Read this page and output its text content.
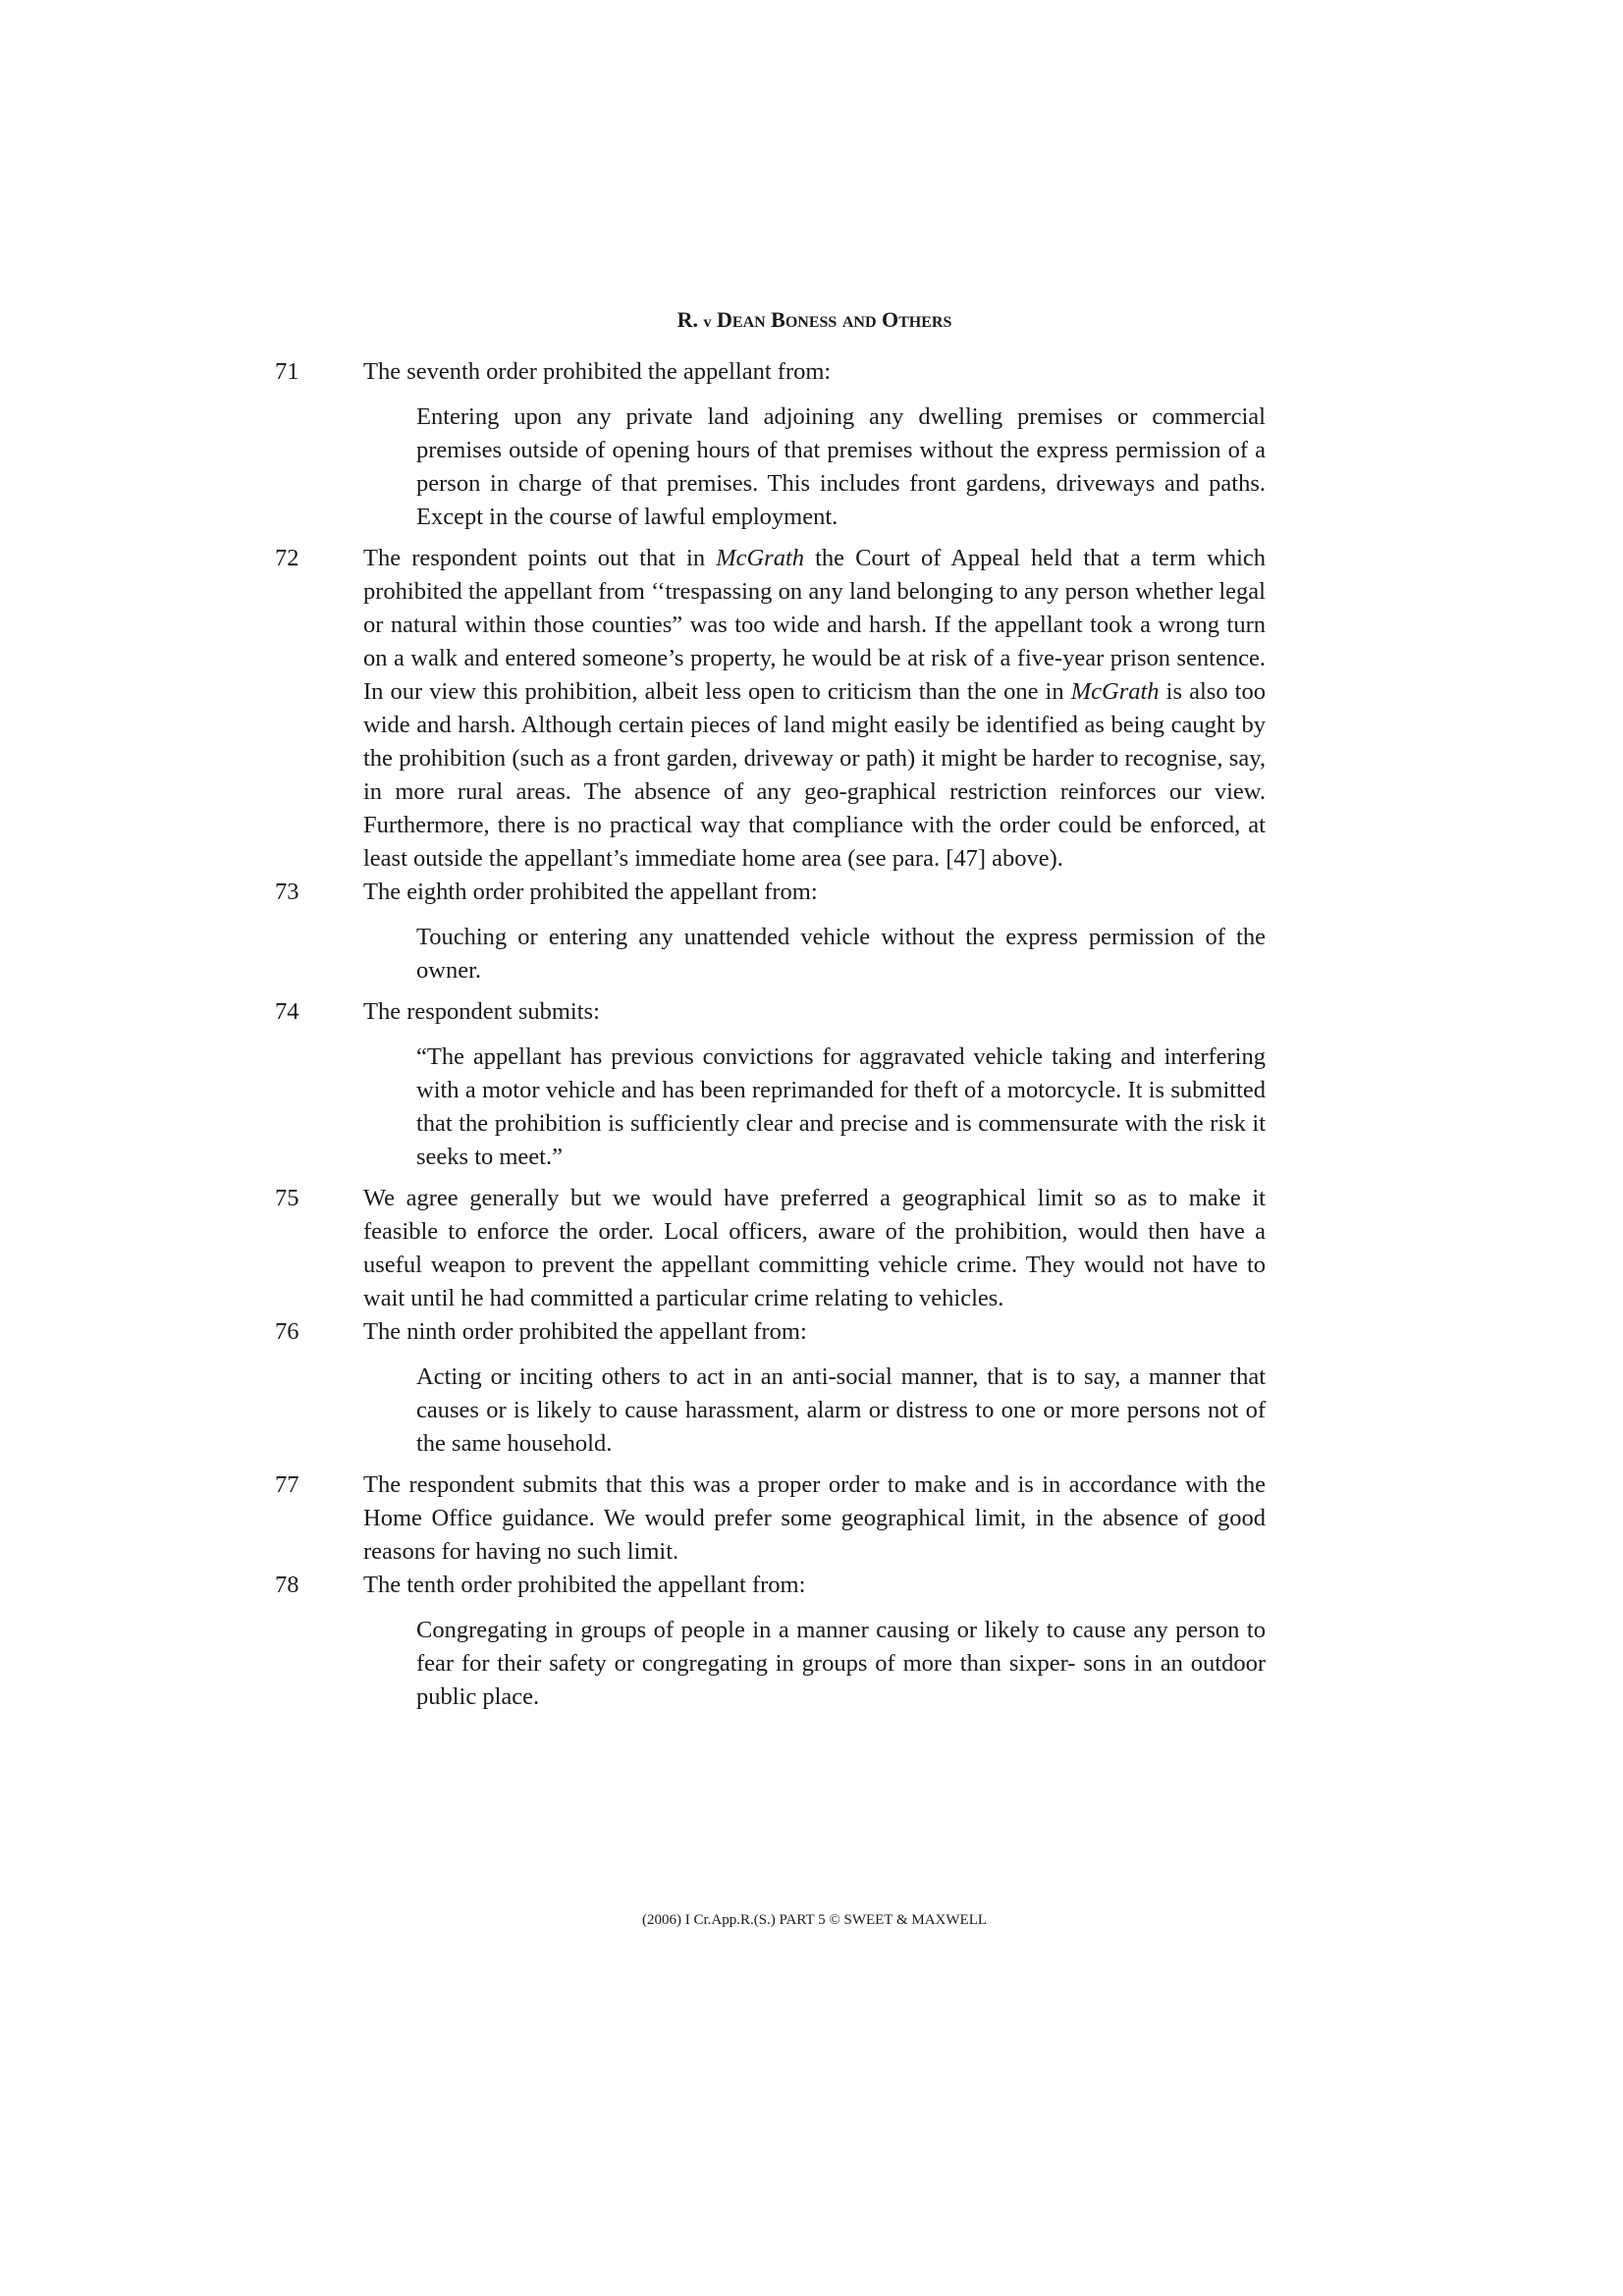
R. v DEAN BONESS AND OTHERS
71	The seventh order prohibited the appellant from:
Entering upon any private land adjoining any dwelling premises or commercial premises outside of opening hours of that premises without the express permission of a person in charge of that premises. This includes front gardens, driveways and paths. Except in the course of lawful employment.
72	The respondent points out that in McGrath the Court of Appeal held that a term which prohibited the appellant from ‘‘trespassing on any land belonging to any person whether legal or natural within those counties” was too wide and harsh. If the appellant took a wrong turn on a walk and entered someone’s property, he would be at risk of a five-year prison sentence. In our view this prohibition, albeit less open to criticism than the one in McGrath is also too wide and harsh. Although certain pieces of land might easily be identified as being caught by the prohibition (such as a front garden, driveway or path) it might be harder to recognise, say, in more rural areas. The absence of any geo-graphical restriction reinforces our view. Furthermore, there is no practical way that compliance with the order could be enforced, at least outside the appellant’s immediate home area (see para. [47] above).
73	The eighth order prohibited the appellant from:
Touching or entering any unattended vehicle without the express permission of the owner.
74	The respondent submits:
“The appellant has previous convictions for aggravated vehicle taking and interfering with a motor vehicle and has been reprimanded for theft of a motorcycle. It is submitted that the prohibition is sufficiently clear and precise and is commensurate with the risk it seeks to meet.”
75	We agree generally but we would have preferred a geographical limit so as to make it feasible to enforce the order. Local officers, aware of the prohibition, would then have a useful weapon to prevent the appellant committing vehicle crime. They would not have to wait until he had committed a particular crime relating to vehicles.
76	The ninth order prohibited the appellant from:
Acting or inciting others to act in an anti-social manner, that is to say, a manner that causes or is likely to cause harassment, alarm or distress to one or more persons not of the same household.
77	The respondent submits that this was a proper order to make and is in accordance with the Home Office guidance. We would prefer some geographical limit, in the absence of good reasons for having no such limit.
78	The tenth order prohibited the appellant from:
Congregating in groups of people in a manner causing or likely to cause any person to fear for their safety or congregating in groups of more than sixper- sons in an outdoor public place.
(2006) I Cr.App.R.(S.) PART 5 © SWEET & MAXWELL
